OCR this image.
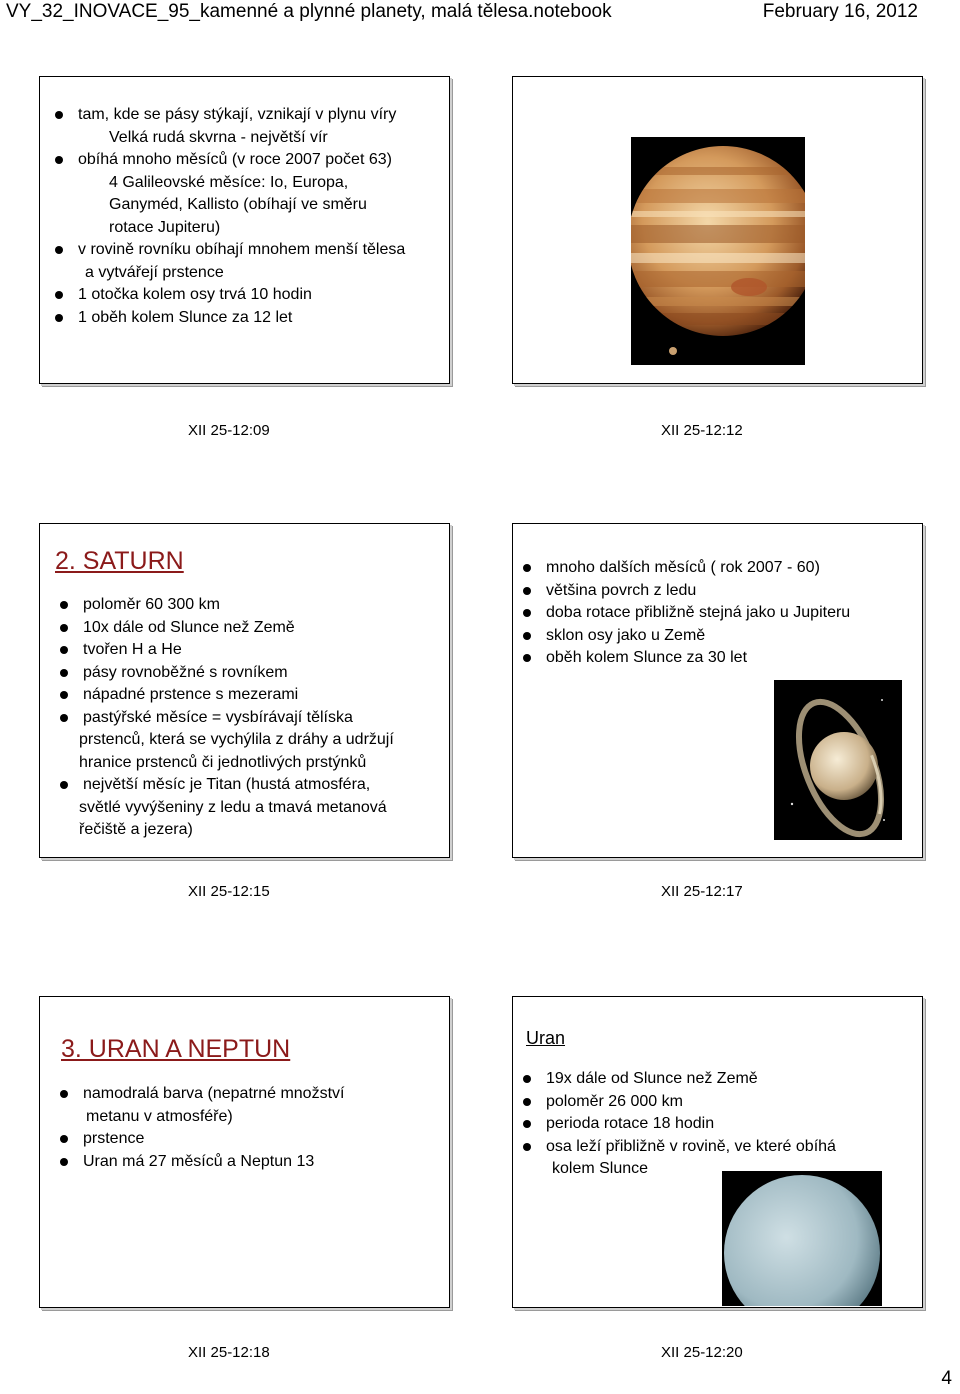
VY_32_INOVACE_95_kamenné a plynné planety, malá tělesa.notebook	February 16, 2012
tam, kde se pásy stýkají, vznikají v plynu víry
Velká rudá skvrna - největší vír
obíhá mnoho měsíců (v roce 2007 počet 63)
4 Galileovské měsíce: Io, Europa,
Ganyméd, Kallisto (obíhají ve směru
rotace Jupiteru)
v rovině rovníku obíhají mnohem menší tělesa
a vytvářejí prstence
1 otočka kolem osy trvá 10 hodin
1 oběh kolem Slunce za 12 let
XII 25-12:09	XII 25-12:12
2. SATURN
poloměr 60 300 km
10x dále od Slunce než Země
tvořen H a He
pásy rovnoběžné s rovníkem
nápadné prstence s mezerami
pastýřské měsíce = vysbírávají tělíska
prstenců, která se vychýlila z dráhy a udržují
hranice prstenců či jednotlivých prstýnků
největší měsíc je Titan (hustá atmosféra,
světlé vyvýšeniny z ledu a tmavá metanová
řečiště a jezera)
XII 25-12:15
mnoho dalších měsíců ( rok 2007 - 60)
většina povrch z ledu
doba rotace přibližně stejná jako u Jupiteru
sklon osy jako u Země
oběh kolem Slunce za 30 let
XII 25-12:17
3. URAN A NEPTUN
namodralá barva (nepatrné množství
metanu v atmosféře)
prstence
Uran má 27 měsíců a Neptun 13
XII 25-12:18
Uran
19x dále od Slunce než Země
poloměr 26 000 km
perioda rotace 18 hodin
osa leží přibližně v rovině, ve které obíhá
kolem Slunce
XII 25-12:20
4
